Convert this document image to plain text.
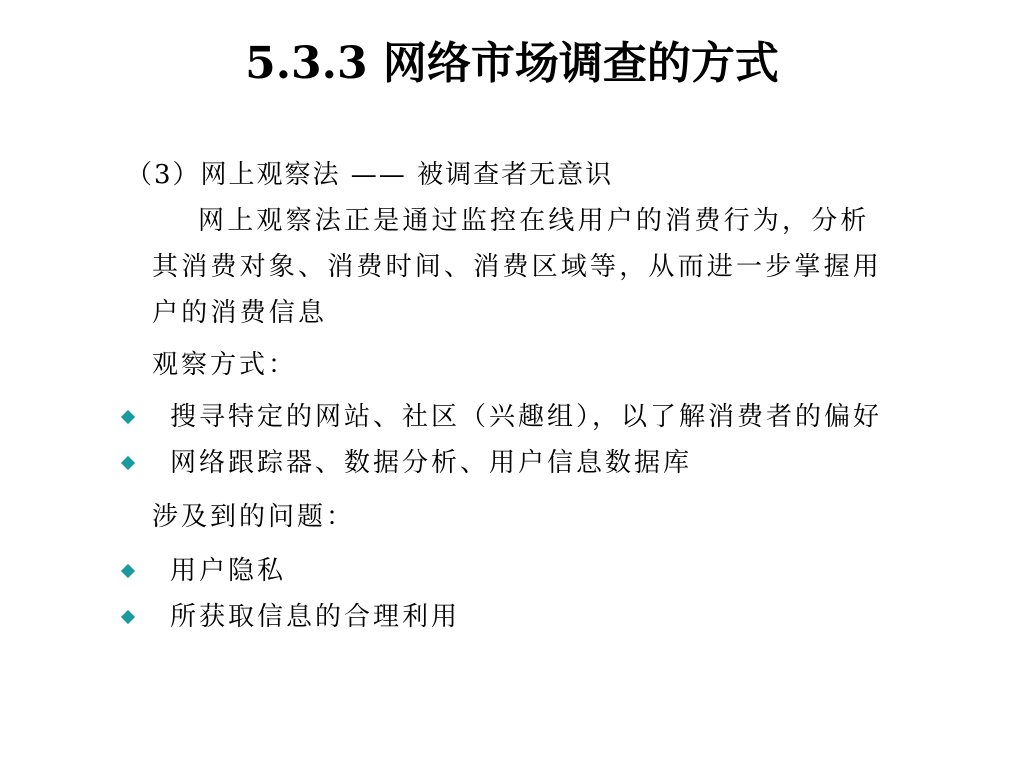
5.3.3 网络市场调查的方式
（3）网上观察法 —— 被调查者无意识
网上观察法正是通过监控在线用户的消费行为，分析
其消费对象、消费时间、消费区域等，从而进一步掌握用
户的消费信息
观察方式：
搜寻特定的网站、社区（兴趣组），以了解消费者的偏好
网络跟踪器、数据分析、用户信息数据库
涉及到的问题：
用户隐私
所获取信息的合理利用
